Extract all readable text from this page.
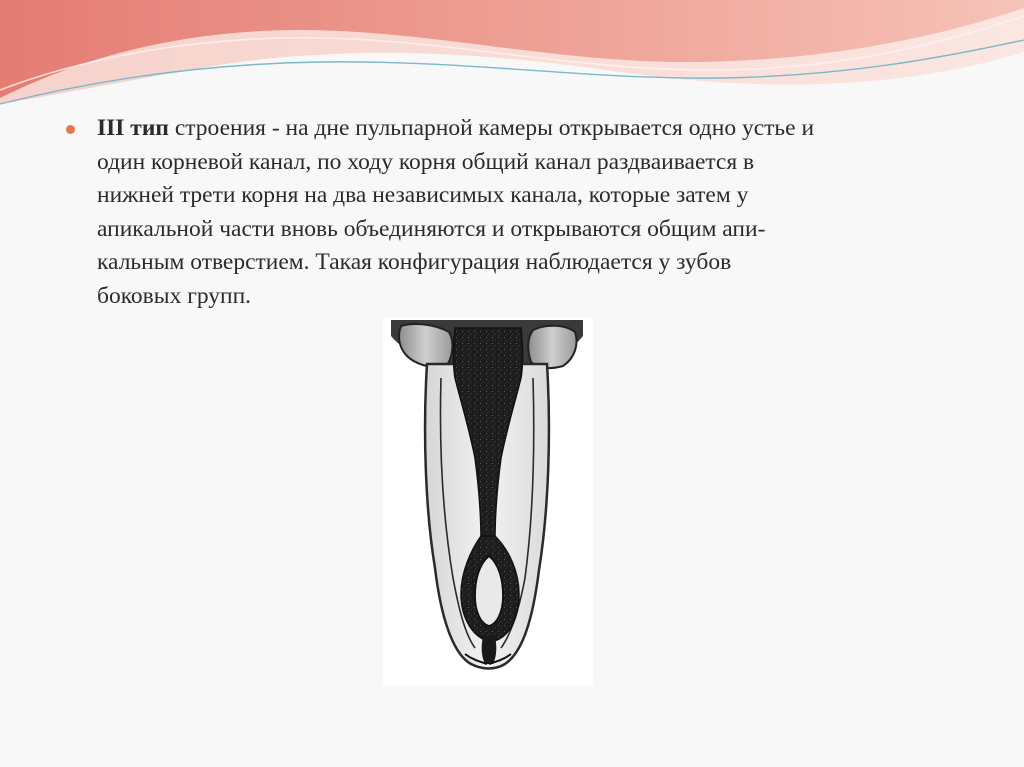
III тип строения - на дне пульпарной камеры открывается одно устье и
один корневой канал, по ходу корня общий канал раздваивается в
нижней трети корня на два независимых канала, которые затем у
апикальной части вновь объединяются и открываются общим апи-
кальным отверстием. Такая конфигурация наблюдается у зубов
боковых групп.
